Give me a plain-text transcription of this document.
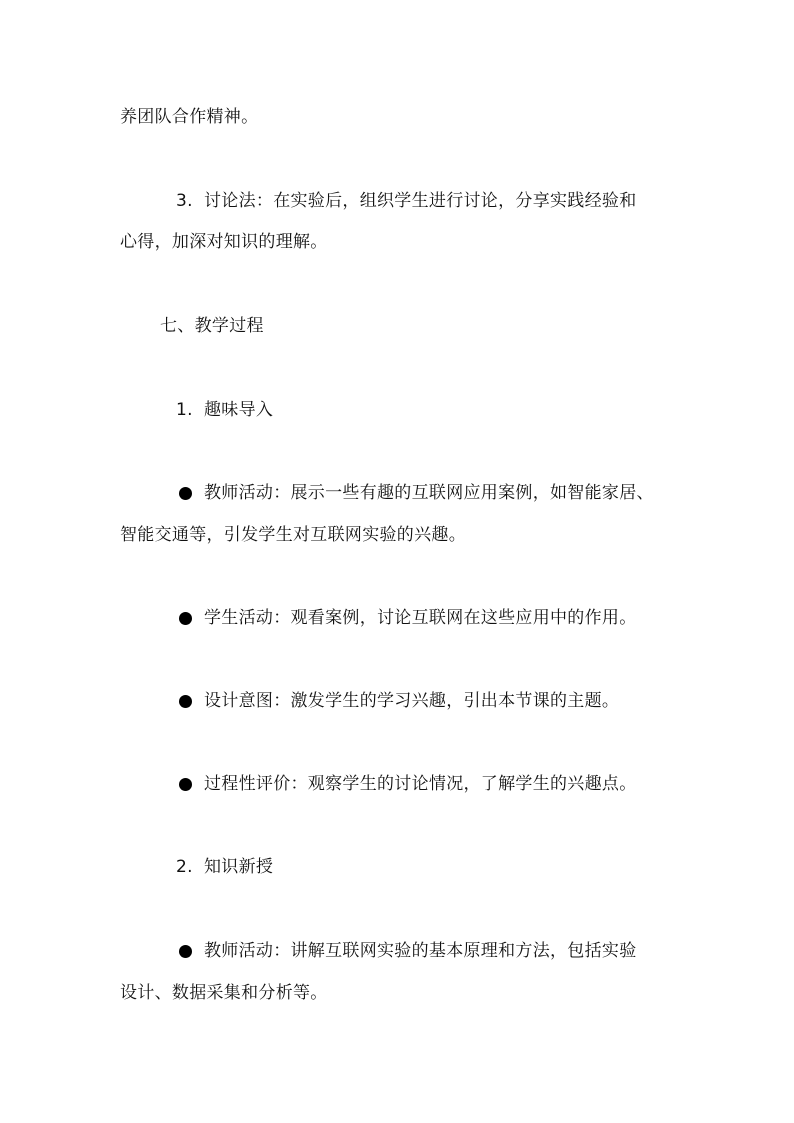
养团队合作精神。
3. 讨论法：在实验后，组织学生进行讨论，分享实践经验和
心得，加深对知识的理解。
七、教学过程
1. 趣味导入
教师活动：展示一些有趣的互联网应用案例，如智能家居、
智能交通等，引发学生对互联网实验的兴趣。
学生活动：观看案例，讨论互联网在这些应用中的作用。
设计意图：激发学生的学习兴趣，引出本节课的主题。
过程性评价：观察学生的讨论情况，了解学生的兴趣点。
2. 知识新授
教师活动：讲解互联网实验的基本原理和方法，包括实验
设计、数据采集和分析等。
